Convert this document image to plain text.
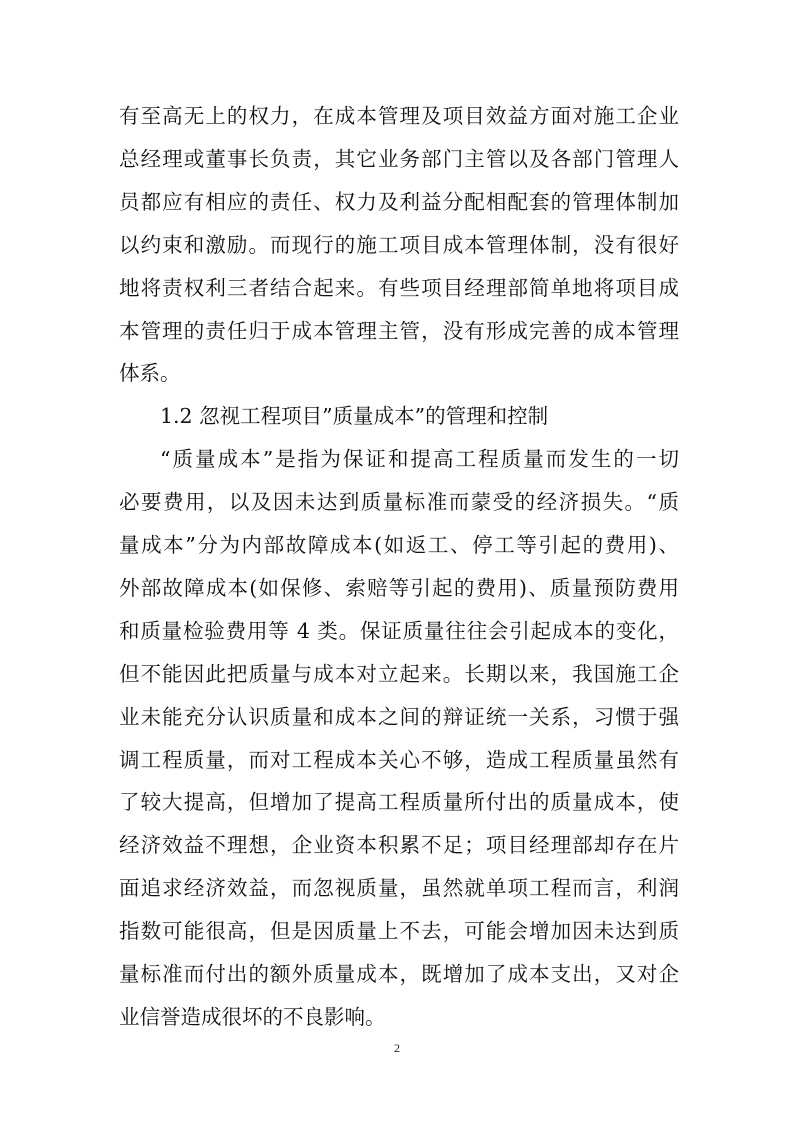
有至高无上的权力，在成本管理及项目效益方面对施工企业
总经理或董事长负责，其它业务部门主管以及各部门管理人
员都应有相应的责任、权力及利益分配相配套的管理体制加
以约束和激励。而现行的施工项目成本管理体制，没有很好
地将责权利三者结合起来。有些项目经理部简单地将项目成
本管理的责任归于成本管理主管，没有形成完善的成本管理
体系。
1.2 忽视工程项目”质量成本”的管理和控制
“质量成本”是指为保证和提高工程质量而发生的一切
必要费用，以及因未达到质量标准而蒙受的经济损失。“质
量成本”分为内部故障成本(如返工、停工等引起的费用)、
外部故障成本(如保修、索赔等引起的费用)、质量预防费用
和质量检验费用等 4 类。保证质量往往会引起成本的变化，
但不能因此把质量与成本对立起来。长期以来，我国施工企
业未能充分认识质量和成本之间的辩证统一关系，习惯于强
调工程质量，而对工程成本关心不够，造成工程质量虽然有
了较大提高，但增加了提高工程质量所付出的质量成本，使
经济效益不理想，企业资本积累不足；项目经理部却存在片
面追求经济效益，而忽视质量，虽然就单项工程而言，利润
指数可能很高，但是因质量上不去，可能会增加因未达到质
量标准而付出的额外质量成本，既增加了成本支出，又对企
业信誉造成很坏的不良影响。
2
